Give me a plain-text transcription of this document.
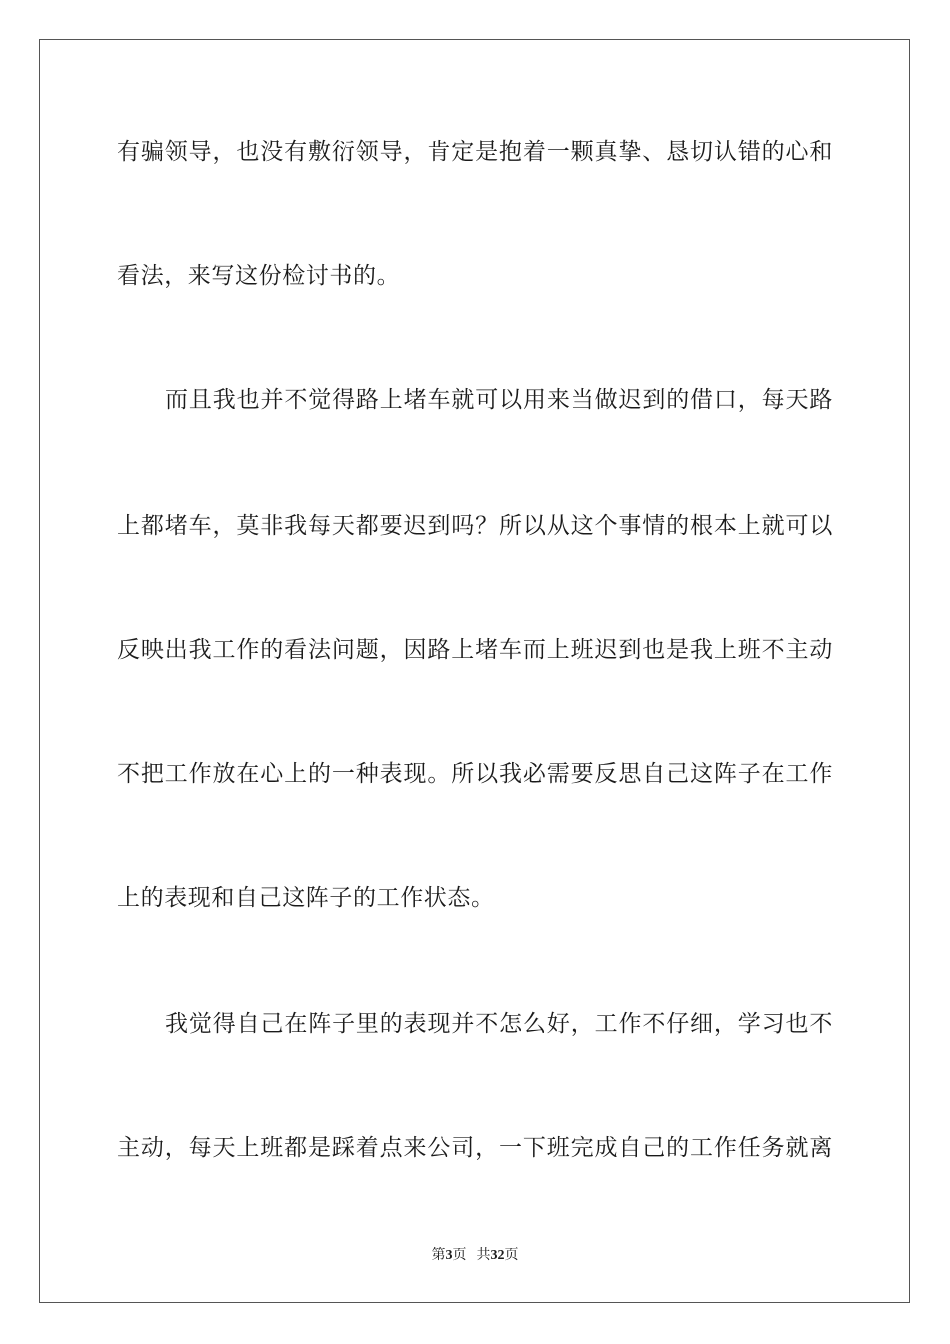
有骗领导，也没有敷衍领导，肯定是抱着一颗真挚、恳切认错的心和
看法，来写这份检讨书的。
而且我也并不觉得路上堵车就可以用来当做迟到的借口，每天路
上都堵车，莫非我每天都要迟到吗？所以从这个事情的根本上就可以
反映出我工作的看法问题，因路上堵车而上班迟到也是我上班不主动
不把工作放在心上的一种表现。所以我必需要反思自己这阵子在工作
上的表现和自己这阵子的工作状态。
我觉得自己在阵子里的表现并不怎么好，工作不仔细，学习也不
主动，每天上班都是踩着点来公司，一下班完成自己的工作任务就离
第3页 共32页
